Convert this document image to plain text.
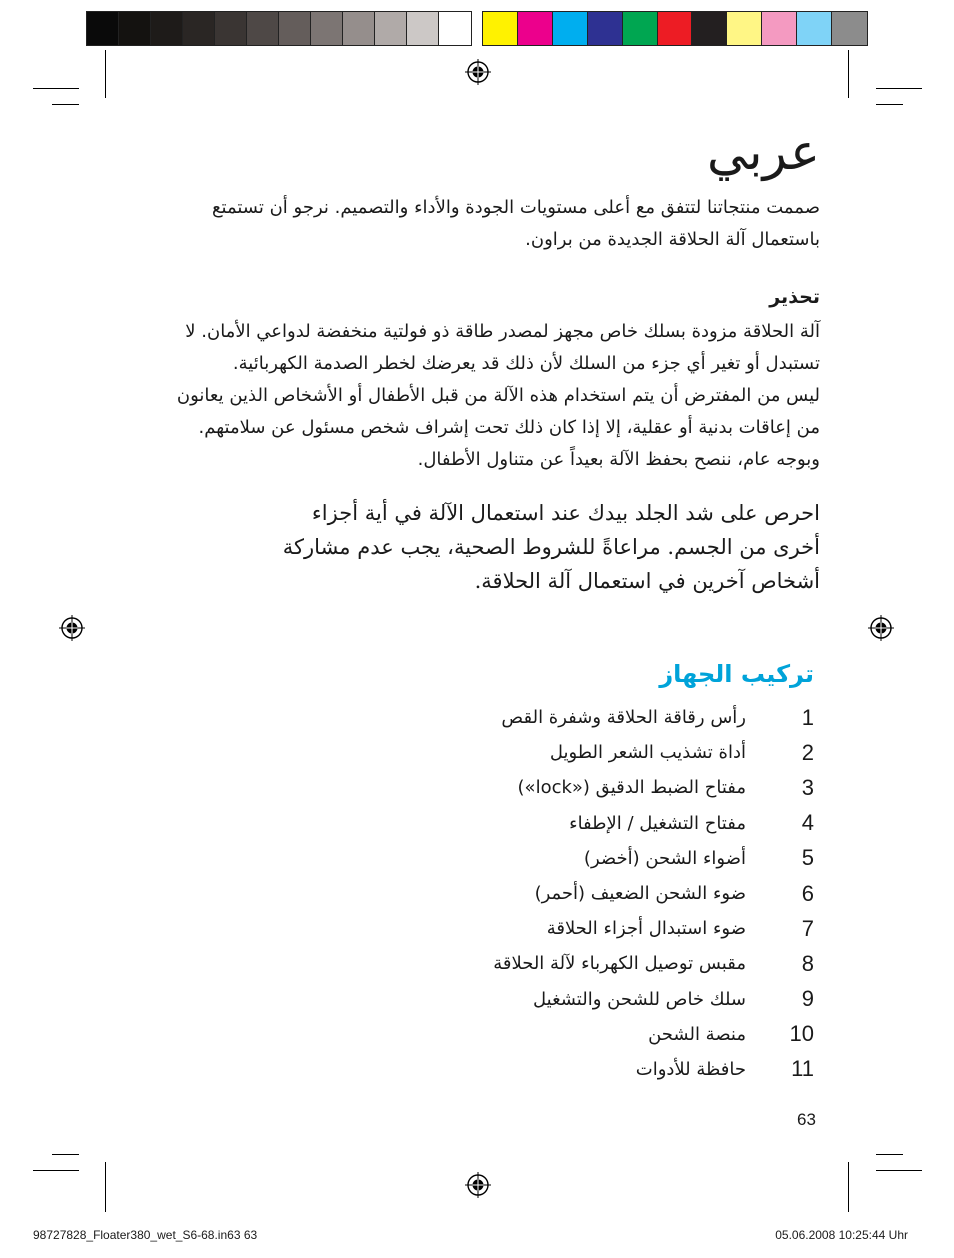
عربي

صممت منتجاتنا لتتفق مع أعلى مستويات الجودة والأداء والتصميم. نرجو أن تستمتع

باستعمال آلة الحلاقة الجديدة من براون.

تحذير

آلة الحلاقة مزودة بسلك خاص مجهز لمصدر طاقة ذو فولتية منخفضة لدواعي الأمان. لا

تستبدل أو تغير أي جزء من السلك لأن ذلك قد يعرضك لخطر الصدمة الكهربائية.

ليس من المفترض أن يتم استخدام هذه الآلة من قبل الأطفال أو الأشخاص الذين يعانون

من إعاقات بدنية أو عقلية، إلا إذا كان ذلك تحت إشراف شخص مسئول عن سلامتهم.

وبوجه عام، ننصح بحفظ الآلة بعيداً عن متناول الأطفال.

احرص على شد الجلد بيدك عند استعمال الآلة في أية أجزاء

أخرى من الجسم. مراعاةً للشروط الصحية، يجب عدم مشاركة

أشخاص آخرين في استعمال آلة الحلاقة.

تركيب الجهاز
1
رأس رقاقة الحلاقة وشفرة القص
2
أداة تشذيب الشعر الطويل
3
مفتاح الضبط الدقيق («lock»)
4
مفتاح التشغيل / الإطفاء
5
أضواء الشحن (أخضر)
6
ضوء الشحن الضعيف (أحمر)
7
ضوء استبدال أجزاء الحلاقة
8
مقبس توصيل الكهرباء لآلة الحلاقة
9
سلك خاص للشحن والتشغيل
10
منصة الشحن
11
حافظة للأدوات
63
98727828_Floater380_wet_S6-68.in63 63	05.06.2008 10:25:44 Uhr
